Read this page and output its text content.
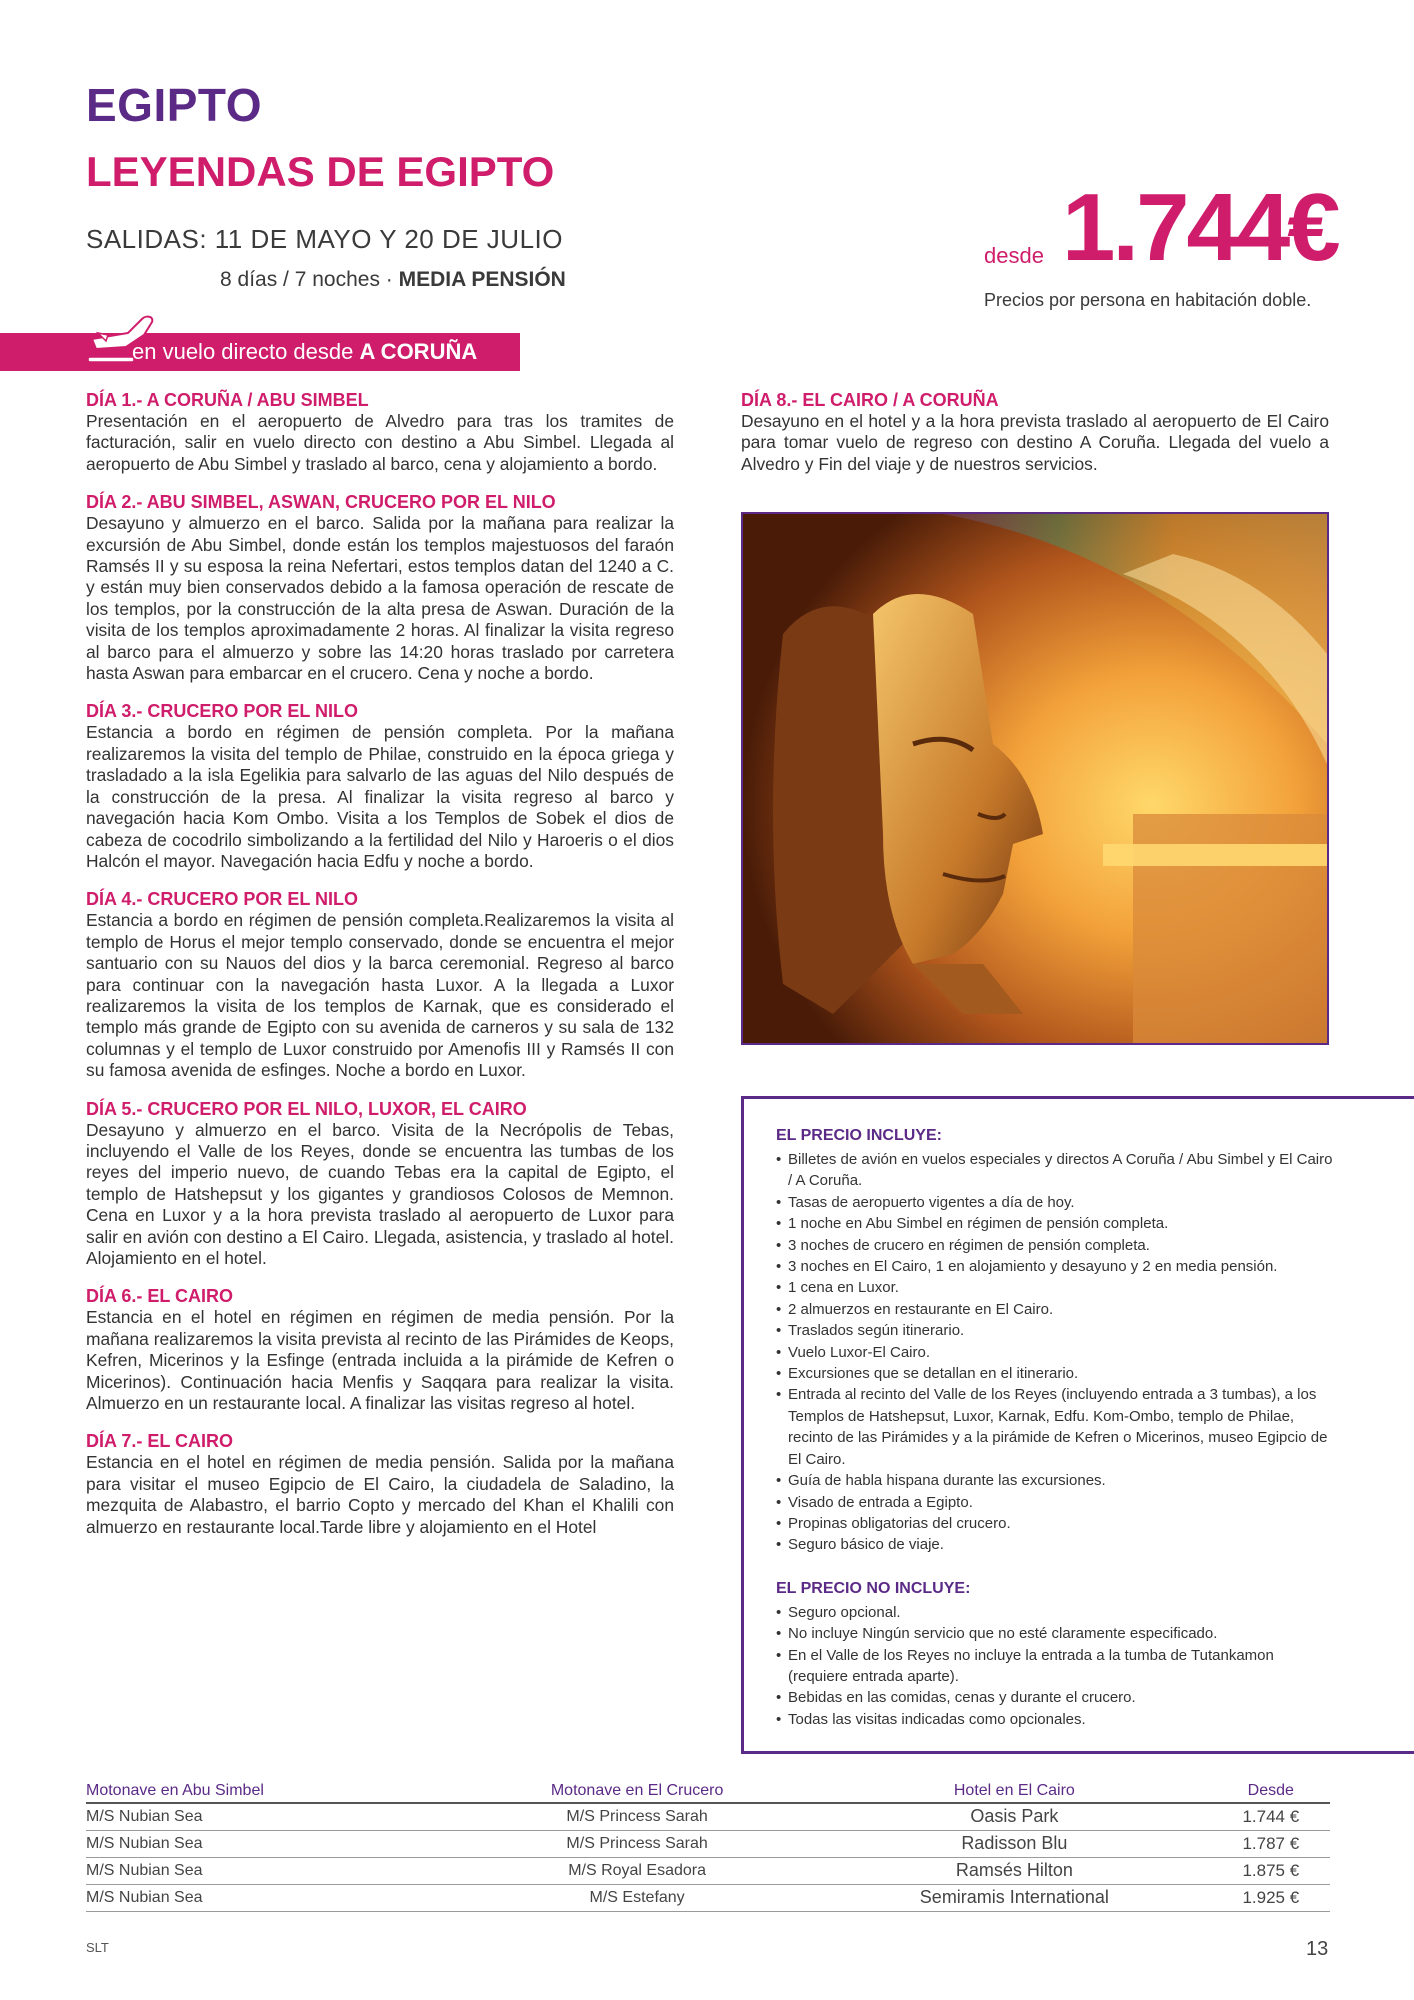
EGIPTO
LEYENDAS DE EGIPTO
SALIDAS: 11 DE MAYO Y 20 DE JULIO
8 días / 7 noches · MEDIA PENSIÓN
desde 1.744€
Precios por persona en habitación doble.
en vuelo directo desde A CORUÑA
DÍA 1.- A CORUÑA / ABU SIMBEL
Presentación en el aeropuerto de Alvedro para tras los tramites de facturación, salir en vuelo directo con destino a Abu Simbel. Llegada al aeropuerto de Abu Simbel y traslado al barco, cena y alojamiento a bordo.
DÍA 2.- ABU SIMBEL, ASWAN, CRUCERO POR EL NILO
Desayuno y almuerzo en el barco. Salida por la mañana para realizar la excursión de Abu Simbel, donde están los templos majestuosos del faraón Ramsés II y su esposa la reina Nefertari, estos templos datan del 1240 a C. y están muy bien conservados debido a la famosa operación de rescate de los templos, por la construcción de la alta presa de Aswan. Duración de la visita de los templos aproximadamente 2 horas. Al finalizar la visita regreso al barco para el almuerzo y sobre las 14:20 horas traslado por carretera hasta Aswan para embarcar en el crucero. Cena y noche a bordo.
DÍA 3.- CRUCERO POR EL NILO
Estancia a bordo en régimen de pensión completa. Por la mañana realizaremos la visita del templo de Philae, construido en la época griega y trasladado a la isla Egelikia para salvarlo de las aguas del Nilo después de la construcción de la presa. Al finalizar la visita regreso al barco y navegación hacia Kom Ombo. Visita a los Templos de Sobek el dios de cabeza de cocodrilo simbolizando a la fertilidad del Nilo y Haroeris o el dios Halcón el mayor. Navegación hacia Edfu y noche a bordo.
DÍA 4.- CRUCERO POR EL NILO
Estancia a bordo en régimen de pensión completa.Realizaremos la visita al templo de Horus el mejor templo conservado, donde se encuentra el mejor santuario con su Nauos del dios y la barca ceremonial. Regreso al barco para continuar con la navegación hasta Luxor. A la llegada a Luxor realizaremos la visita de los templos de Karnak, que es considerado el templo más grande de Egipto con su avenida de carneros y su sala de 132 columnas y el templo de Luxor construido por Amenofis III y Ramsés II con su famosa avenida de esfinges. Noche a bordo en Luxor.
DÍA 5.- CRUCERO POR EL NILO, LUXOR, EL CAIRO
Desayuno y almuerzo en el barco. Visita de la Necrópolis de Tebas, incluyendo el Valle de los Reyes, donde se encuentra las tumbas de los reyes del imperio nuevo, de cuando Tebas era la capital de Egipto, el templo de Hatshepsut y los gigantes y grandiosos Colosos de Memnon. Cena en Luxor y a la hora prevista traslado al aeropuerto de Luxor para salir en avión con destino a El Cairo. Llegada, asistencia, y traslado al hotel. Alojamiento en el hotel.
DÍA 6.- EL CAIRO
Estancia en el hotel en régimen en régimen de media pensión. Por la mañana realizaremos la visita prevista al recinto de las Pirámides de Keops, Kefren, Micerinos y la Esfinge (entrada incluida a la pirámide de Kefren o Micerinos). Continuación hacia Menfis y Saqqara para realizar la visita. Almuerzo en un restaurante local. A finalizar las visitas regreso al hotel.
DÍA 7.- EL CAIRO
Estancia en el hotel en régimen de media pensión. Salida por la mañana para visitar el museo Egipcio de El Cairo, la ciudadela de Saladino, la mezquita de Alabastro, el barrio Copto y mercado del Khan el Khalili con almuerzo en restaurante local.Tarde libre y alojamiento en el Hotel
DÍA 8.- EL CAIRO / A CORUÑA
Desayuno en el hotel y a la hora prevista traslado al aeropuerto de El Cairo para tomar vuelo de regreso con destino A Coruña. Llegada del vuelo a Alvedro y Fin del viaje y de nuestros servicios.
EL PRECIO INCLUYE:
• Billetes de avión en vuelos especiales y directos A Coruña / Abu Simbel y El Cairo / A Coruña.
• Tasas de aeropuerto vigentes a día de hoy.
• 1 noche en Abu Simbel en régimen de pensión completa.
• 3 noches de crucero en régimen de pensión completa.
• 3 noches en El Cairo, 1 en alojamiento y desayuno y 2 en media pensión.
• 1 cena en Luxor.
• 2 almuerzos en restaurante en El Cairo.
• Traslados según itinerario.
• Vuelo Luxor-El Cairo.
• Excursiones que se detallan en el itinerario.
• Entrada al recinto del Valle de los Reyes (incluyendo entrada a 3 tumbas), a los Templos de Hatshepsut, Luxor, Karnak, Edfu. Kom-Ombo, templo de Philae, recinto de las Pirámides y a la pirámide de Kefren o Micerinos, museo Egipcio de El Cairo.
• Guía de habla hispana durante las excursiones.
• Visado de entrada a Egipto.
• Propinas obligatorias del crucero.
• Seguro básico de viaje.
EL PRECIO NO INCLUYE:
• Seguro opcional.
• No incluye Ningún servicio que no esté claramente especificado.
• En el Valle de los Reyes no incluye la entrada a la tumba de Tutankamon (requiere entrada aparte).
• Bebidas en las comidas, cenas y durante el crucero.
• Todas las visitas indicadas como opcionales.
Motonave en Abu Simbel	Motonave en El Crucero	Hotel en El Cairo	Desde
M/S Nubian Sea	M/S Princess Sarah	Oasis Park	1.744 €
M/S Nubian Sea	M/S Princess Sarah	Radisson Blu	1.787 €
M/S Nubian Sea	M/S Royal Esadora	Ramsés Hilton	1.875 €
M/S Nubian Sea	M/S Estefany	Semiramis International	1.925 €
SLT	13
